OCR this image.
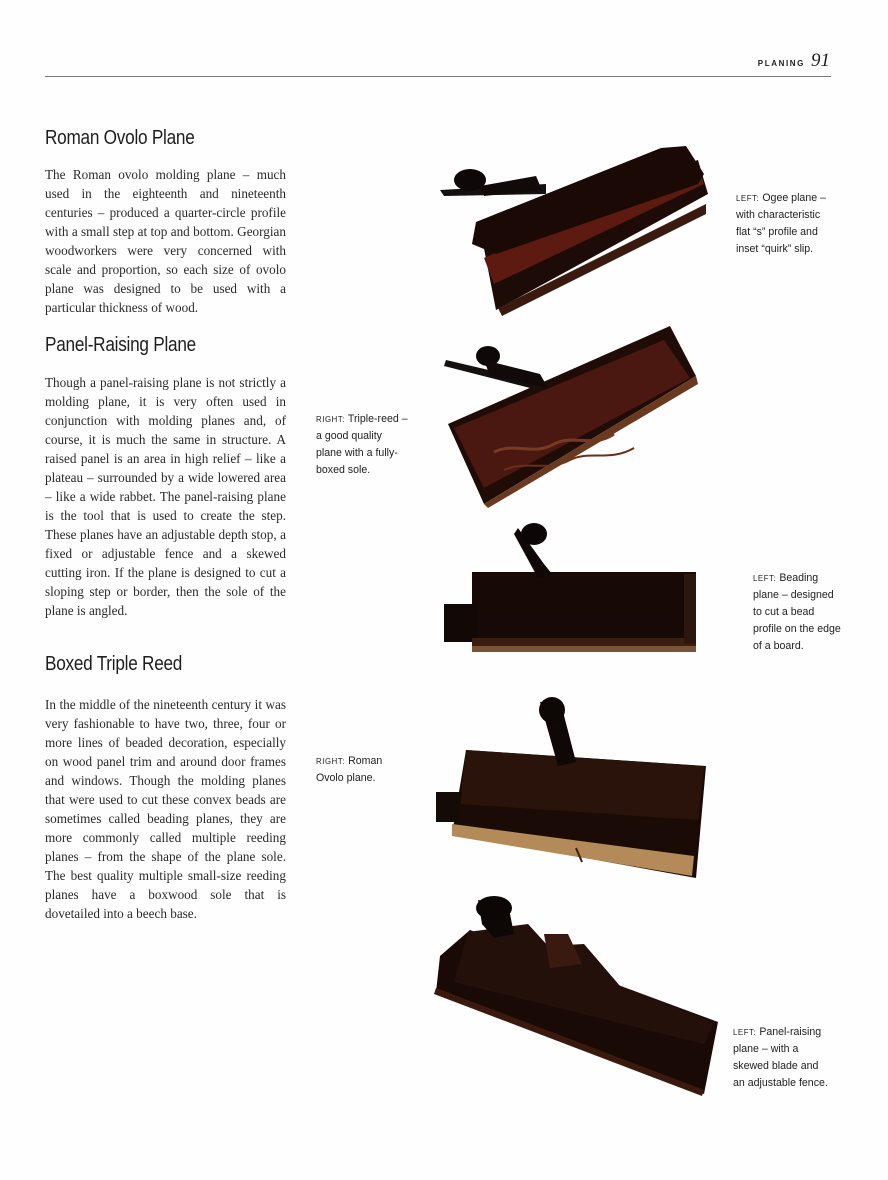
PLANING 91
Roman Ovolo Plane

The Roman ovolo molding plane – much used in the eighteenth and nineteenth centuries – produced a quarter-circle profile with a small step at top and bottom. Georgian woodworkers were very concerned with scale and proportion, so each size of ovolo plane was designed to be used with a particular thickness of wood.

Panel-Raising Plane

Though a panel-raising plane is not strictly a molding plane, it is very often used in conjunction with molding planes and, of course, it is much the same in structure. A raised panel is an area in high relief – like a plateau – surrounded by a wide lowered area – like a wide rabbet. The panel-raising plane is the tool that is used to create the step. These planes have an adjustable depth stop, a fixed or adjustable fence and a skewed cutting iron. If the plane is designed to cut a sloping step or border, then the sole of the plane is angled.

Boxed Triple Reed

In the middle of the nineteenth century it was very fashionable to have two, three, four or more lines of beaded decoration, especially on wood panel trim and around door frames and windows. Though the molding planes that were used to cut these convex beads are sometimes called beading planes, they are more commonly called multiple reeding planes – from the shape of the plane sole. The best quality multiple small-size reeding planes have a boxwood sole that is dovetailed into a beech base.

LEFT: Ogee plane – with characteristic flat “s” profile and inset “quirk” slip.

RIGHT: Triple-reed – a good quality plane with a fully-boxed sole.

LEFT: Beading plane – designed to cut a bead profile on the edge of a board.

RIGHT: Roman Ovolo plane.

LEFT: Panel-raising plane – with a skewed blade and an adjustable fence.
